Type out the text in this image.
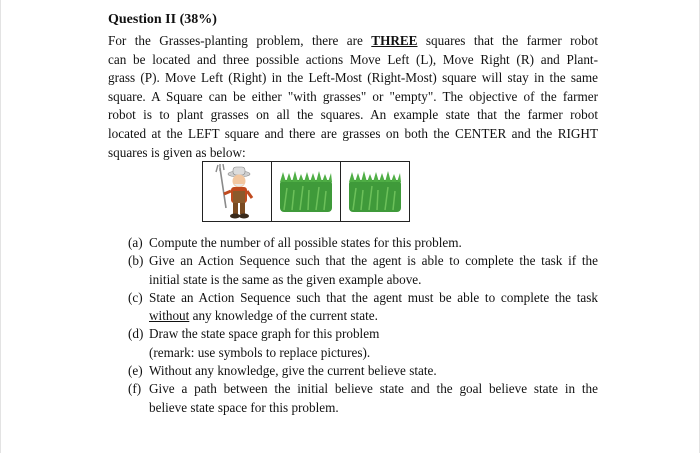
Question II (38%)
For the Grasses-planting problem, there are THREE squares that the farmer robot
can be located and three possible actions Move Left (L), Move Right (R) and Plant-
grass (P). Move Left (Right) in the Left-Most (Right-Most) square will stay in the same
square. A Square can be either "with grasses" or "empty". The objective of the farmer
robot is to plant grasses on all the squares. An example state that the farmer robot
located at the LEFT square and there are grasses on both the CENTER and the RIGHT
squares is given as below:
(a) Compute the number of all possible states for this problem.
(b) Give an Action Sequence such that the agent is able to complete the task if the
initial state is the same as the given example above.
(c) State an Action Sequence such that the agent must be able to complete the task
without any knowledge of the current state.
(d) Draw the state space graph for this problem
(remark: use symbols to replace pictures).
(e) Without any knowledge, give the current believe state.
(f) Give a path between the initial believe state and the goal believe state in the
believe state space for this problem.
